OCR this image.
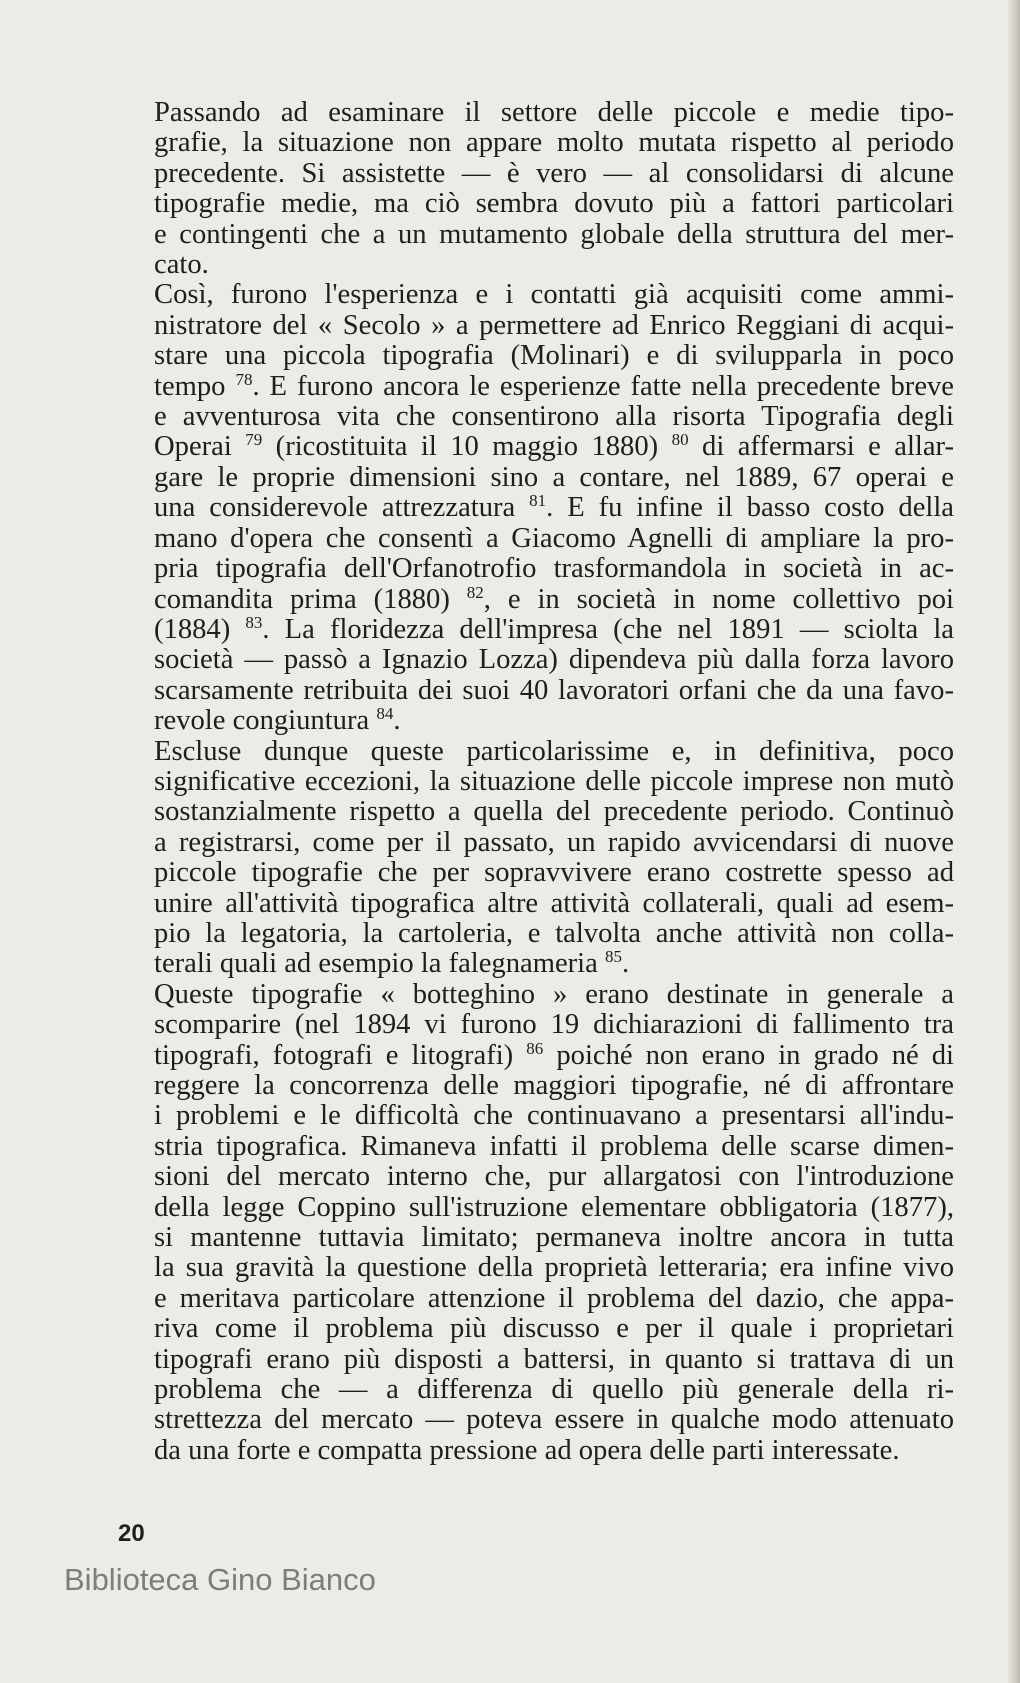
Passando ad esaminare il settore delle piccole e medie tipo-
grafie, la situazione non appare molto mutata rispetto al periodo
precedente. Si assistette — è vero — al consolidarsi di alcune
tipografie medie, ma ciò sembra dovuto più a fattori particolari
e contingenti che a un mutamento globale della struttura del mer-
cato.

Così, furono l'esperienza e i contatti già acquisiti come ammi-
nistratore del « Secolo » a permettere ad Enrico Reggiani di acqui-
stare una piccola tipografia (Molinari) e di svilupparla in poco
tempo $^{78}$. E furono ancora le esperienze fatte nella precedente breve
e avventurosa vita che consentirono alla risorta Tipografia degli
Operai $^{79}$ (ricostituita il 10 maggio 1880) $^{80}$ di affermarsi e allar-
gare le proprie dimensioni sino a contare, nel 1889, 67 operai e
una considerevole attrezzatura $^{81}$. E fu infine il basso costo della
mano d'opera che consentì a Giacomo Agnelli di ampliare la pro-
pria tipografia dell'Orfanotrofio trasformandola in società in ac-
comandita prima (1880) $^{82}$, e in società in nome collettivo poi
(1884) $^{83}$. La floridezza dell'impresa (che nel 1891 — sciolta la
società — passò a Ignazio Lozza) dipendeva più dalla forza lavoro
scarsamente retribuita dei suoi 40 lavoratori orfani che da una favo-
revole congiuntura $^{84}$.

Escluse dunque queste particolarissime e, in definitiva, poco
significative eccezioni, la situazione delle piccole imprese non mutò
sostanzialmente rispetto a quella del precedente periodo. Continuò
a registrarsi, come per il passato, un rapido avvicendarsi di nuove
piccole tipografie che per sopravvivere erano costrette spesso ad
unire all'attività tipografica altre attività collaterali, quali ad esem-
pio la legatoria, la cartoleria, e talvolta anche attività non colla-
terali quali ad esempio la falegnameria $^{85}$.

Queste tipografie « botteghino » erano destinate in generale a
scomparire (nel 1894 vi furono 19 dichiarazioni di fallimento tra
tipografi, fotografi e litografi) $^{86}$ poiché non erano in grado né di
reggere la concorrenza delle maggiori tipografie, né di affrontare
i problemi e le difficoltà che continuavano a presentarsi all'indu-
stria tipografica. Rimaneva infatti il problema delle scarse dimen-
sioni del mercato interno che, pur allargatosi con l'introduzione
della legge Coppino sull'istruzione elementare obbligatoria (1877),
si mantenne tuttavia limitato; permaneva inoltre ancora in tutta
la sua gravità la questione della proprietà letteraria; era infine vivo
e meritava particolare attenzione il problema del dazio, che appa-
riva come il problema più discusso e per il quale i proprietari
tipografi erano più disposti a battersi, in quanto si trattava di un
problema che — a differenza di quello più generale della ri-
strettezza del mercato — poteva essere in qualche modo attenuato
da una forte e compatta pressione ad opera delle parti interessate.

20
Biblioteca Gino Bianco
